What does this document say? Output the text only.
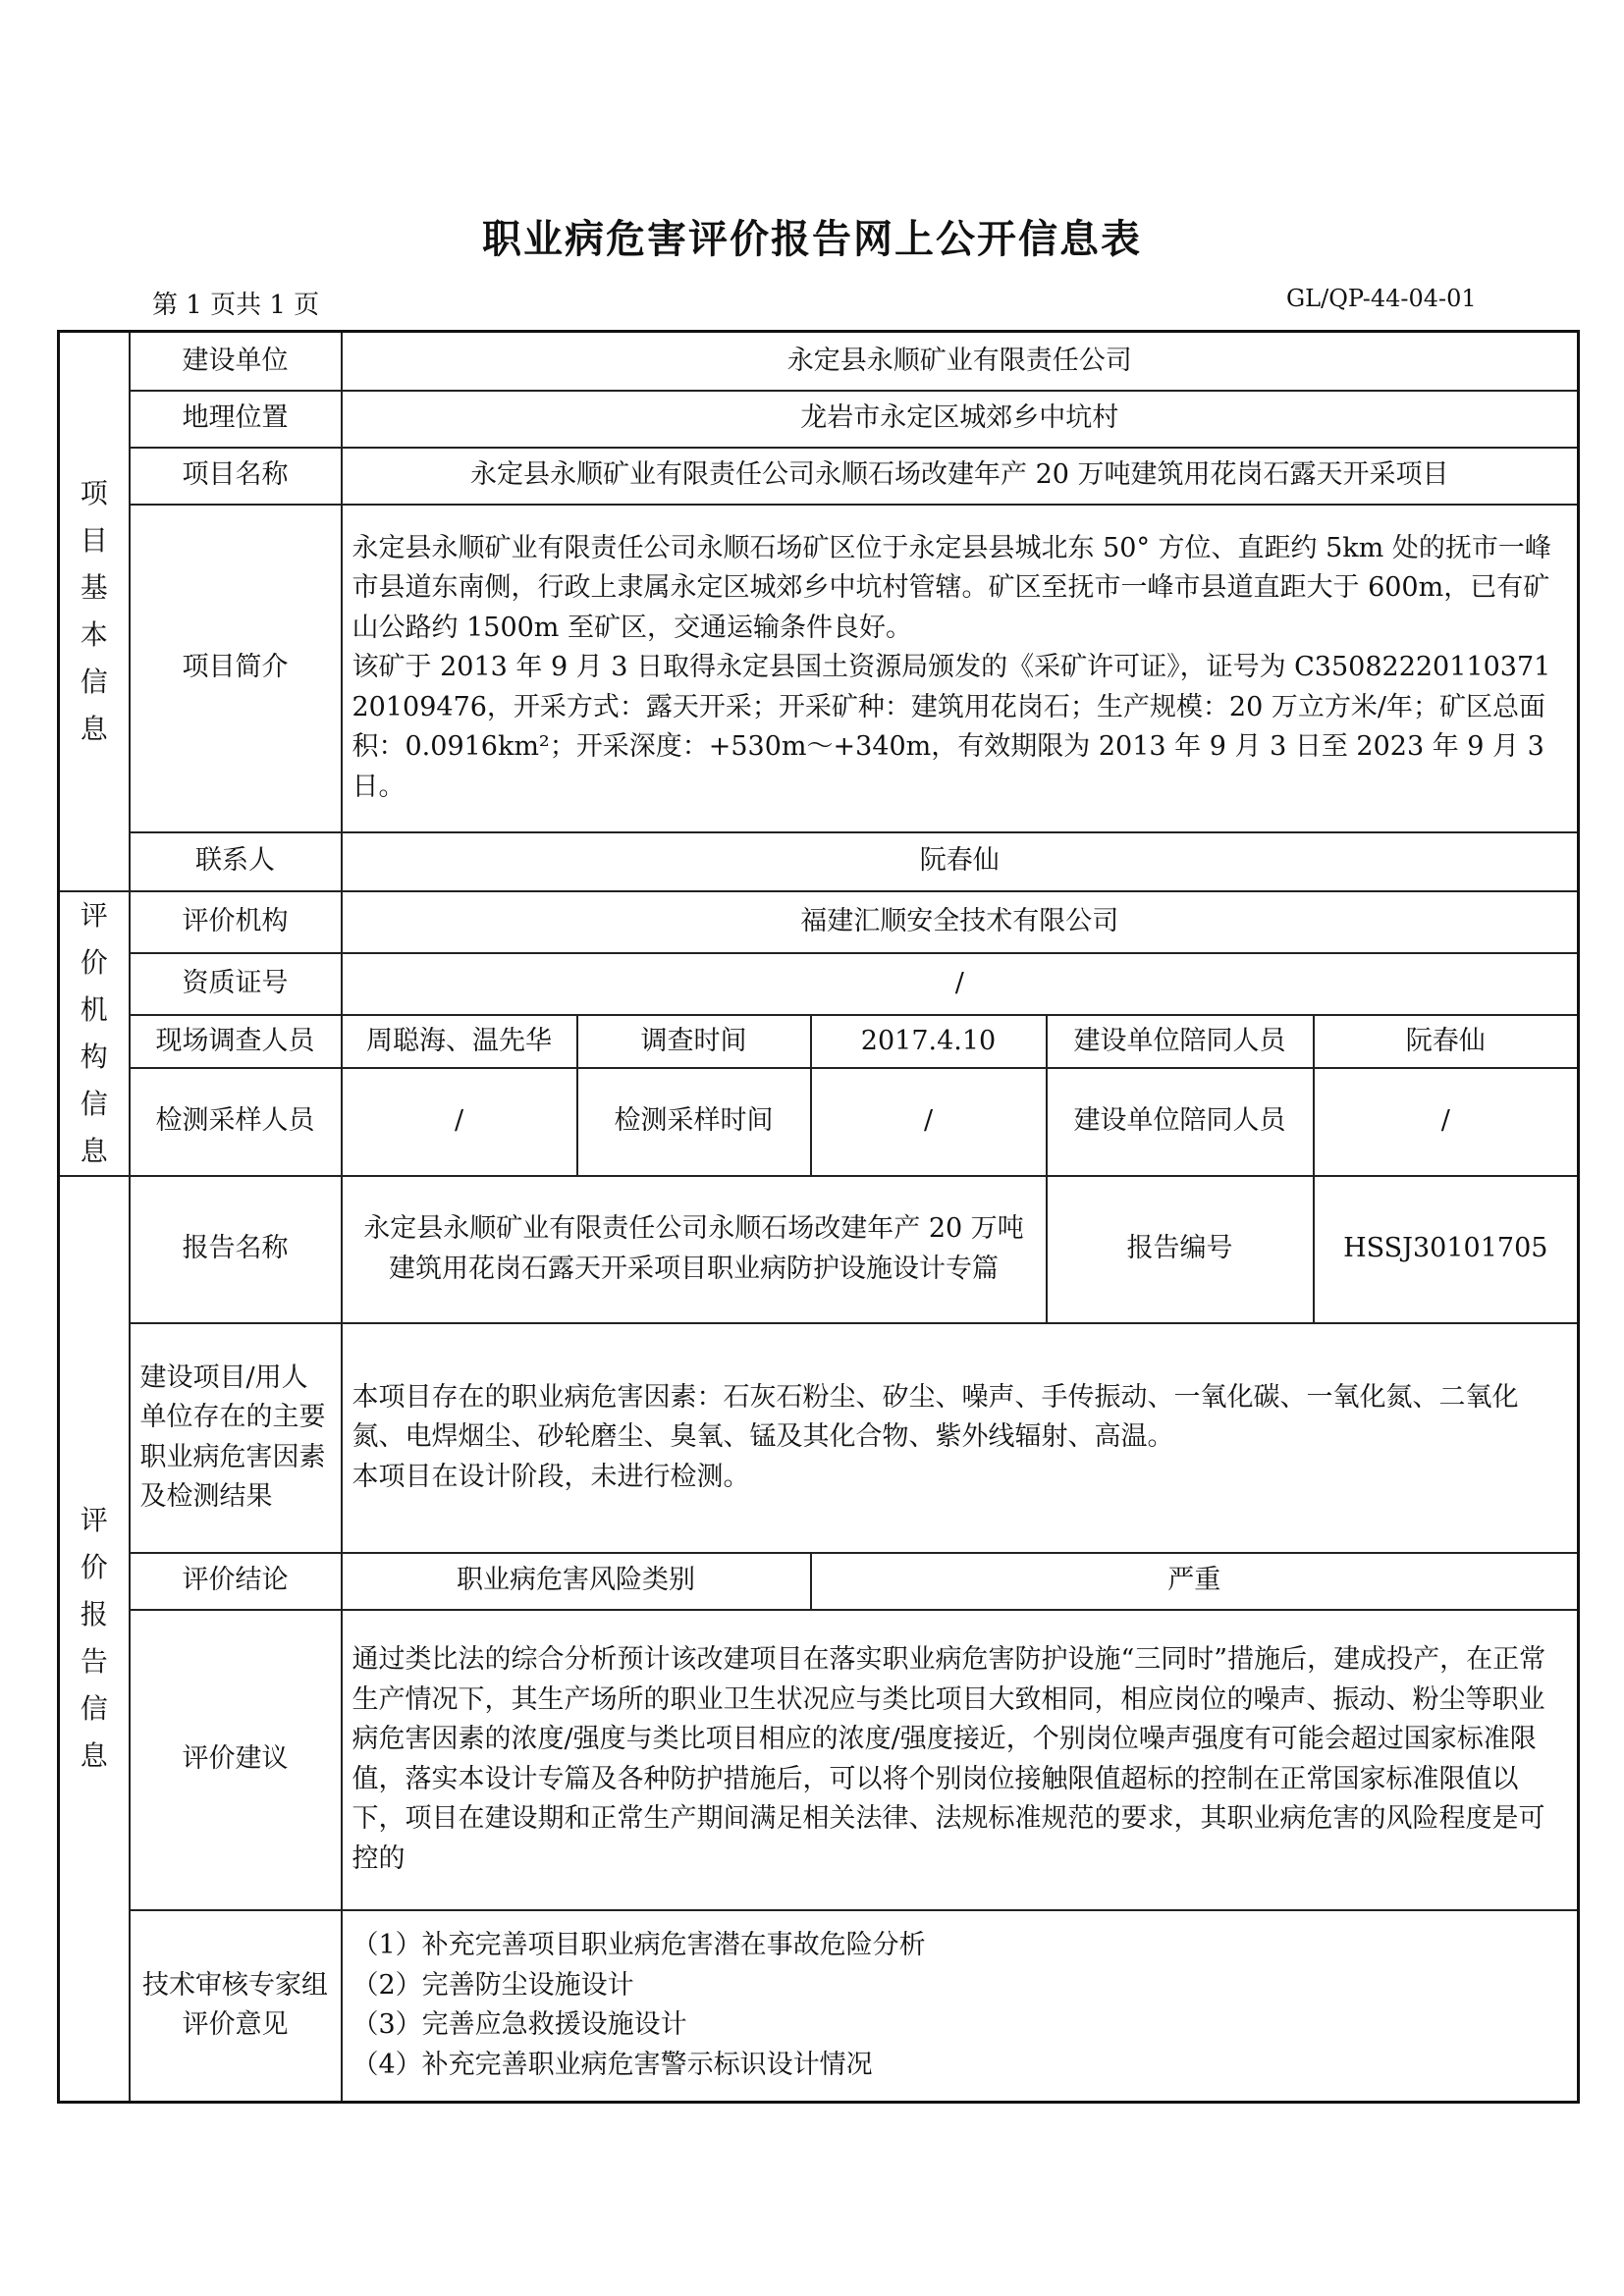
职业病危害评价报告网上公开信息表
第 1 页共 1 页	GL/QP-44-04-01
项目基本信息	建设单位	永定县永顺矿业有限责任公司				
	地理位置	龙岩市永定区城郊乡中坑村				
	项目名称	永定县永顺矿业有限责任公司永顺石场改建年产 20 万吨建筑用花岗石露天开采项目				
	项目简介	永定县永顺矿业有限责任公司永顺石场矿区位于永定县县城北东 50° 方位、直距约 5km 处的抚市一峰市县道东南侧，行政上隶属永定区城郊乡中坑村管辖。矿区至抚市一峰市县道直距大于 600m，已有矿山公路约 1500m 至矿区，交通运输条件良好。

该矿于 2013 年 9 月 3 日取得永定县国土资源局颁发的《采矿许可证》，证号为 C3508222011037120109476，开采方式：露天开采；开采矿种：建筑用花岗石；生产规模：20 万立方米/年；矿区总面积：0.0916km²；开采深度：+530m～+340m，有效期限为 2013 年 9 月 3 日至 2023 年 9 月 3 日。				

	联系人	阮春仙				
评价机构信息	评价机构	福建汇顺安全技术有限公司				
	资质证号	/				
	现场调查人员	周聪海、温先华	调查时间	2017.4.10	建设单位陪同人员	阮春仙
	检测采样人员	/	检测采样时间	/	建设单位陪同人员	/
评价报告信息	报告名称	永定县永顺矿业有限责任公司永顺石场改建年产 20 万吨建筑用花岗石露天开采项目职业病防护设施设计专篇			报告编号	HSSJ30101705
	建设项目/用人单位存在的主要职业病危害因素及检测结果	本项目存在的职业病危害因素：石灰石粉尘、矽尘、噪声、手传振动、一氧化碳、一氧化氮、二氧化氮、电焊烟尘、砂轮磨尘、臭氧、锰及其化合物、紫外线辐射、高温。

本项目在设计阶段，未进行检测。				

	评价结论	职业病危害风险类别		严重		
	评价建议	通过类比法的综合分析预计该改建项目在落实职业病危害防护设施“三同时”措施后，建成投产，在正常生产情况下，其生产场所的职业卫生状况应与类比项目大致相同，相应岗位的噪声、振动、粉尘等职业病危害因素的浓度/强度与类比项目相应的浓度/强度接近，个别岗位噪声强度有可能会超过国家标准限值，落实本设计专篇及各种防护措施后，可以将个别岗位接触限值超标的控制在正常国家标准限值以下，项目在建设期和正常生产期间满足相关法律、法规标准规范的要求，其职业病危害的风险程度是可控的				
	技术审核专家组评价意见	（1）补充完善项目职业病危害潜在事故危险分析

（2）完善防尘设施设计

（3）完善应急救援设施设计

（4）补充完善职业病危害警示标识设计情况				
